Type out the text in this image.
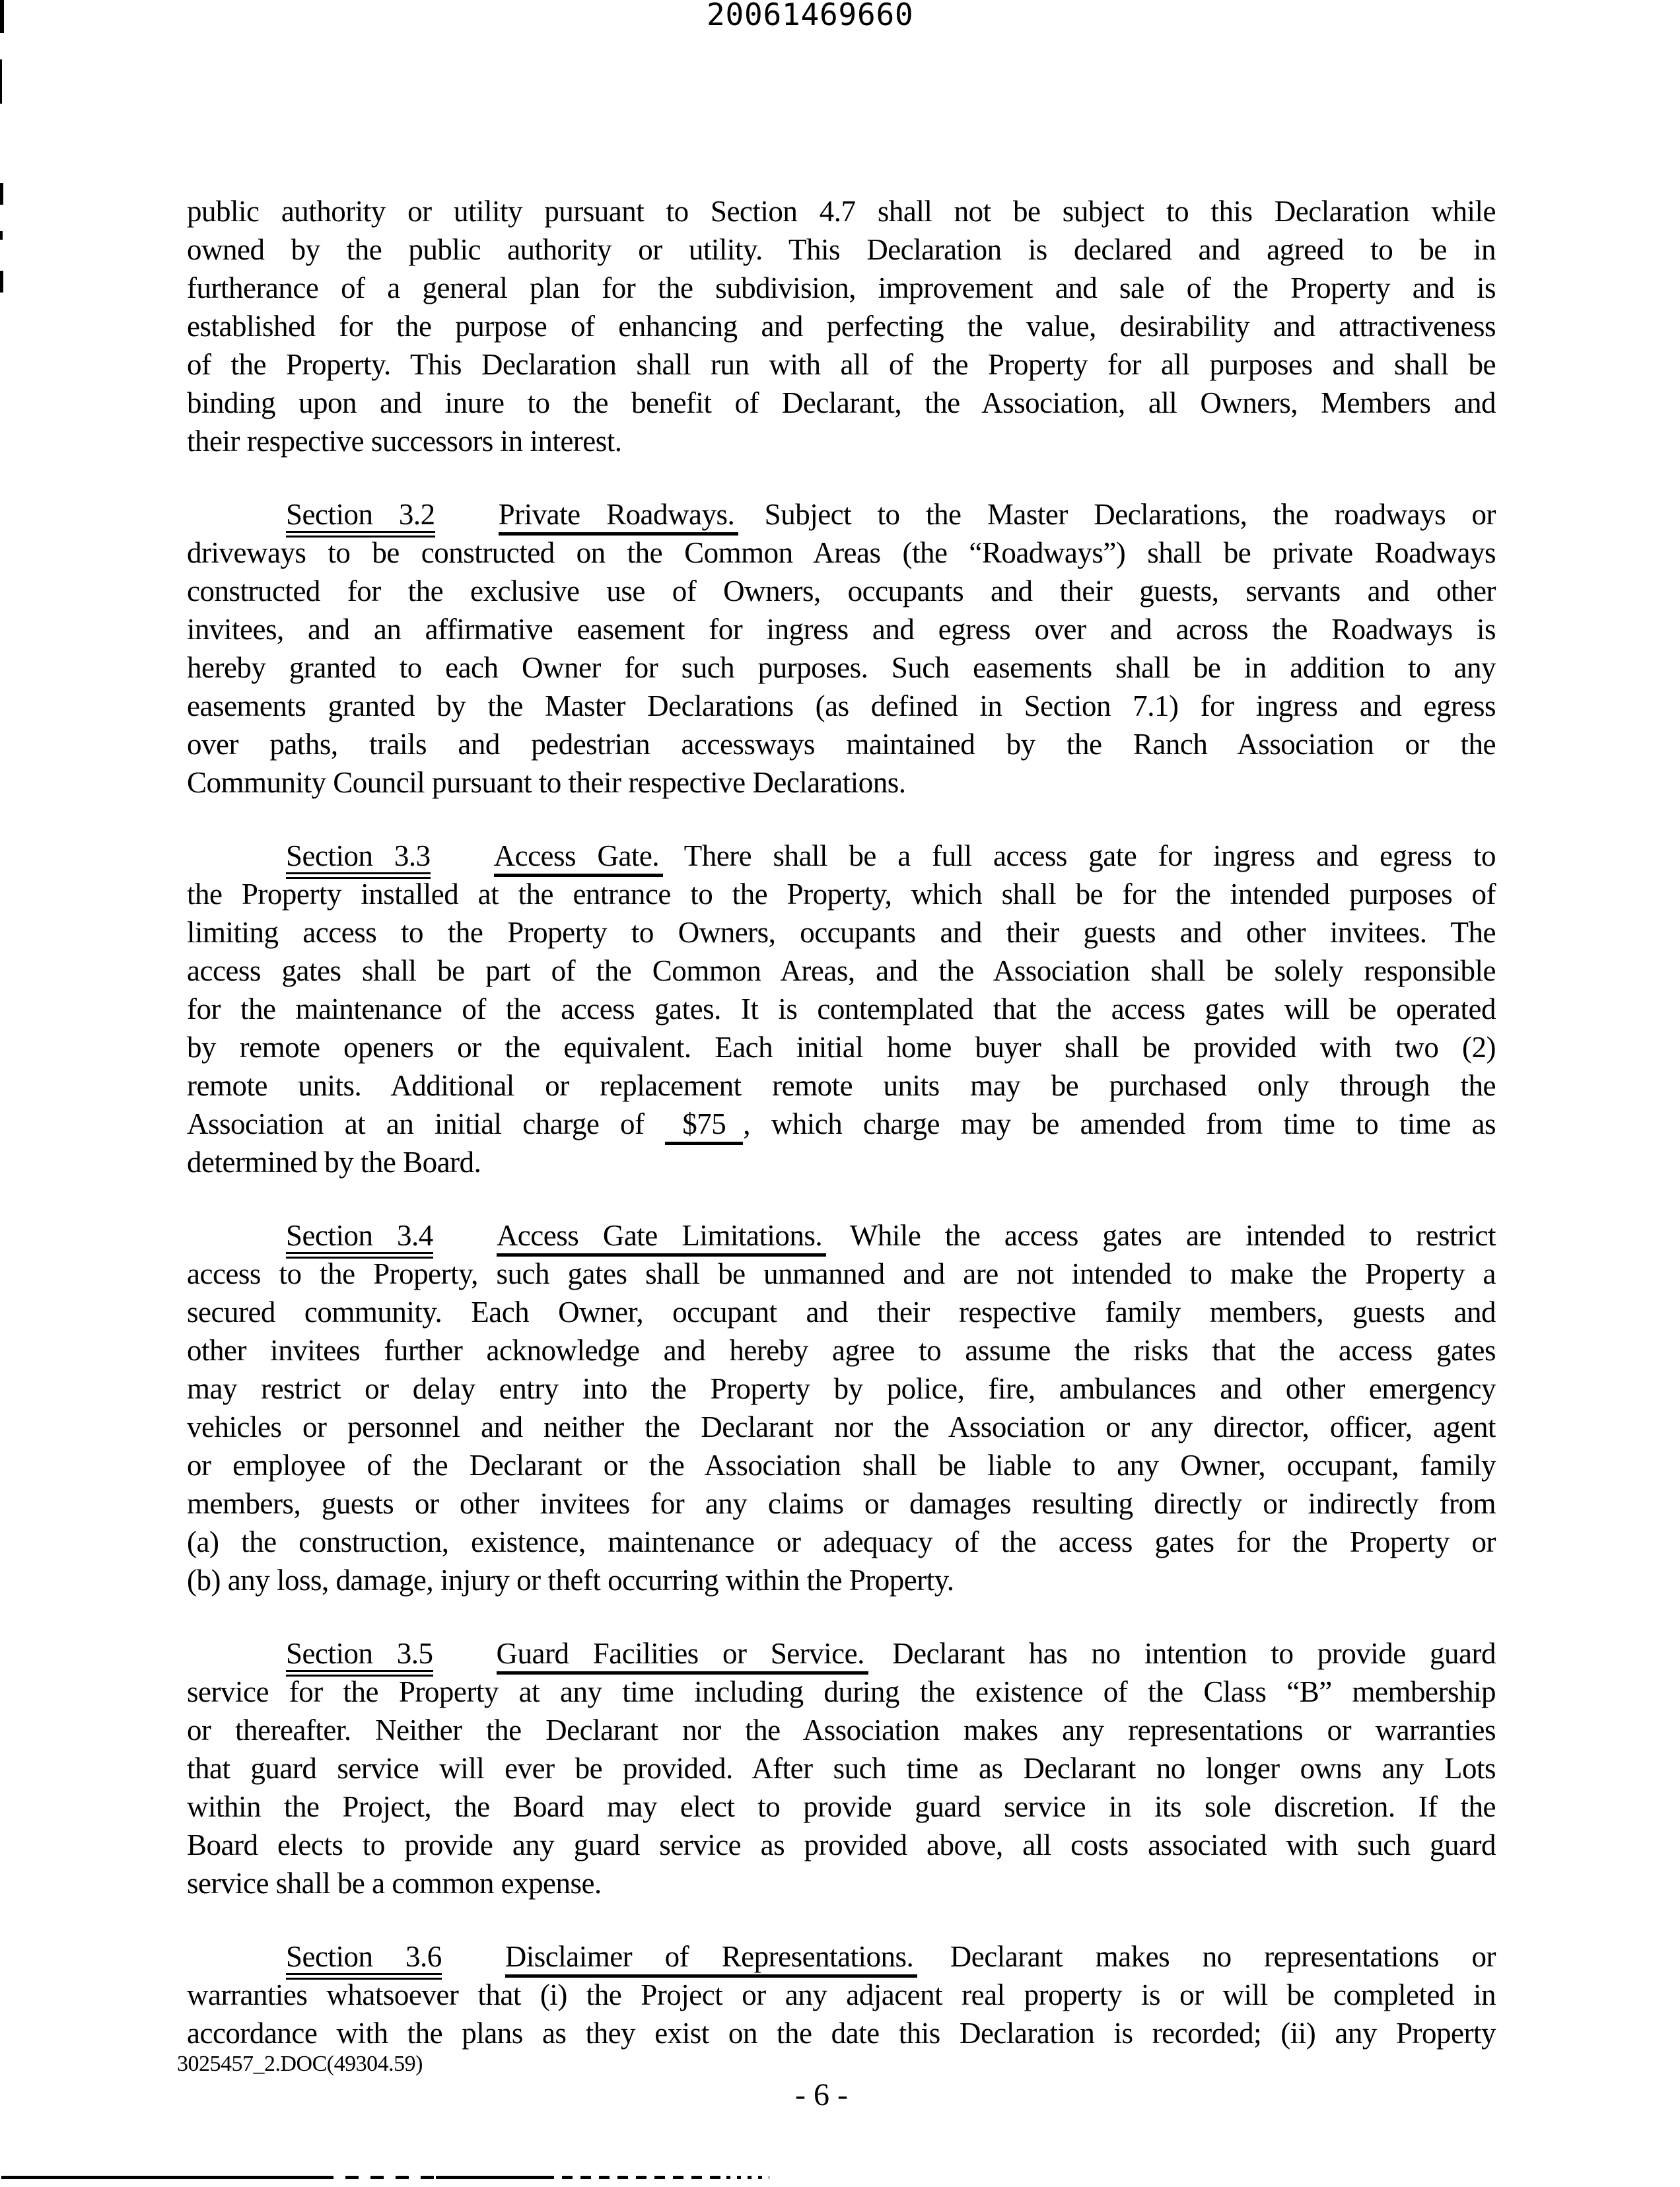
20061469660
public authority or utility pursuant to Section 4.7 shall not be subject to this Declaration while
owned by the public authority or utility. This Declaration is declared and agreed to be in
furtherance of a general plan for the subdivision, improvement and sale of the Property and is
established for the purpose of enhancing and perfecting the value, desirability and attractiveness
of the Property. This Declaration shall run with all of the Property for all purposes and shall be
binding upon and inure to the benefit of Declarant, the Association, all Owners, Members and
their respective successors in interest.
Section 3.2 Private Roadways. Subject to the Master Declarations, the roadways or
driveways to be constructed on the Common Areas (the “Roadways”) shall be private Roadways
constructed for the exclusive use of Owners, occupants and their guests, servants and other
invitees, and an affirmative easement for ingress and egress over and across the Roadways is
hereby granted to each Owner for such purposes. Such easements shall be in addition to any
easements granted by the Master Declarations (as defined in Section 7.1) for ingress and egress
over paths, trails and pedestrian accessways maintained by the Ranch Association or the
Community Council pursuant to their respective Declarations.
Section 3.3 Access Gate. There shall be a full access gate for ingress and egress to
the Property installed at the entrance to the Property, which shall be for the intended purposes of
limiting access to the Property to Owners, occupants and their guests and other invitees. The
access gates shall be part of the Common Areas, and the Association shall be solely responsible
for the maintenance of the access gates. It is contemplated that the access gates will be operated
by remote openers or the equivalent. Each initial home buyer shall be provided with two (2)
remote units. Additional or replacement remote units may be purchased only through the
Association at an initial charge of $75 , which charge may be amended from time to time as
determined by the Board.
Section 3.4 Access Gate Limitations. While the access gates are intended to restrict
access to the Property, such gates shall be unmanned and are not intended to make the Property a
secured community. Each Owner, occupant and their respective family members, guests and
other invitees further acknowledge and hereby agree to assume the risks that the access gates
may restrict or delay entry into the Property by police, fire, ambulances and other emergency
vehicles or personnel and neither the Declarant nor the Association or any director, officer, agent
or employee of the Declarant or the Association shall be liable to any Owner, occupant, family
members, guests or other invitees for any claims or damages resulting directly or indirectly from
(a) the construction, existence, maintenance or adequacy of the access gates for the Property or
(b) any loss, damage, injury or theft occurring within the Property.
Section 3.5 Guard Facilities or Service. Declarant has no intention to provide guard
service for the Property at any time including during the existence of the Class “B” membership
or thereafter. Neither the Declarant nor the Association makes any representations or warranties
that guard service will ever be provided. After such time as Declarant no longer owns any Lots
within the Project, the Board may elect to provide guard service in its sole discretion. If the
Board elects to provide any guard service as provided above, all costs associated with such guard
service shall be a common expense.
Section 3.6 Disclaimer of Representations. Declarant makes no representations or
warranties whatsoever that (i) the Project or any adjacent real property is or will be completed in
accordance with the plans as they exist on the date this Declaration is recorded; (ii) any Property
3025457_2.DOC(49304.59)
- 6 -
